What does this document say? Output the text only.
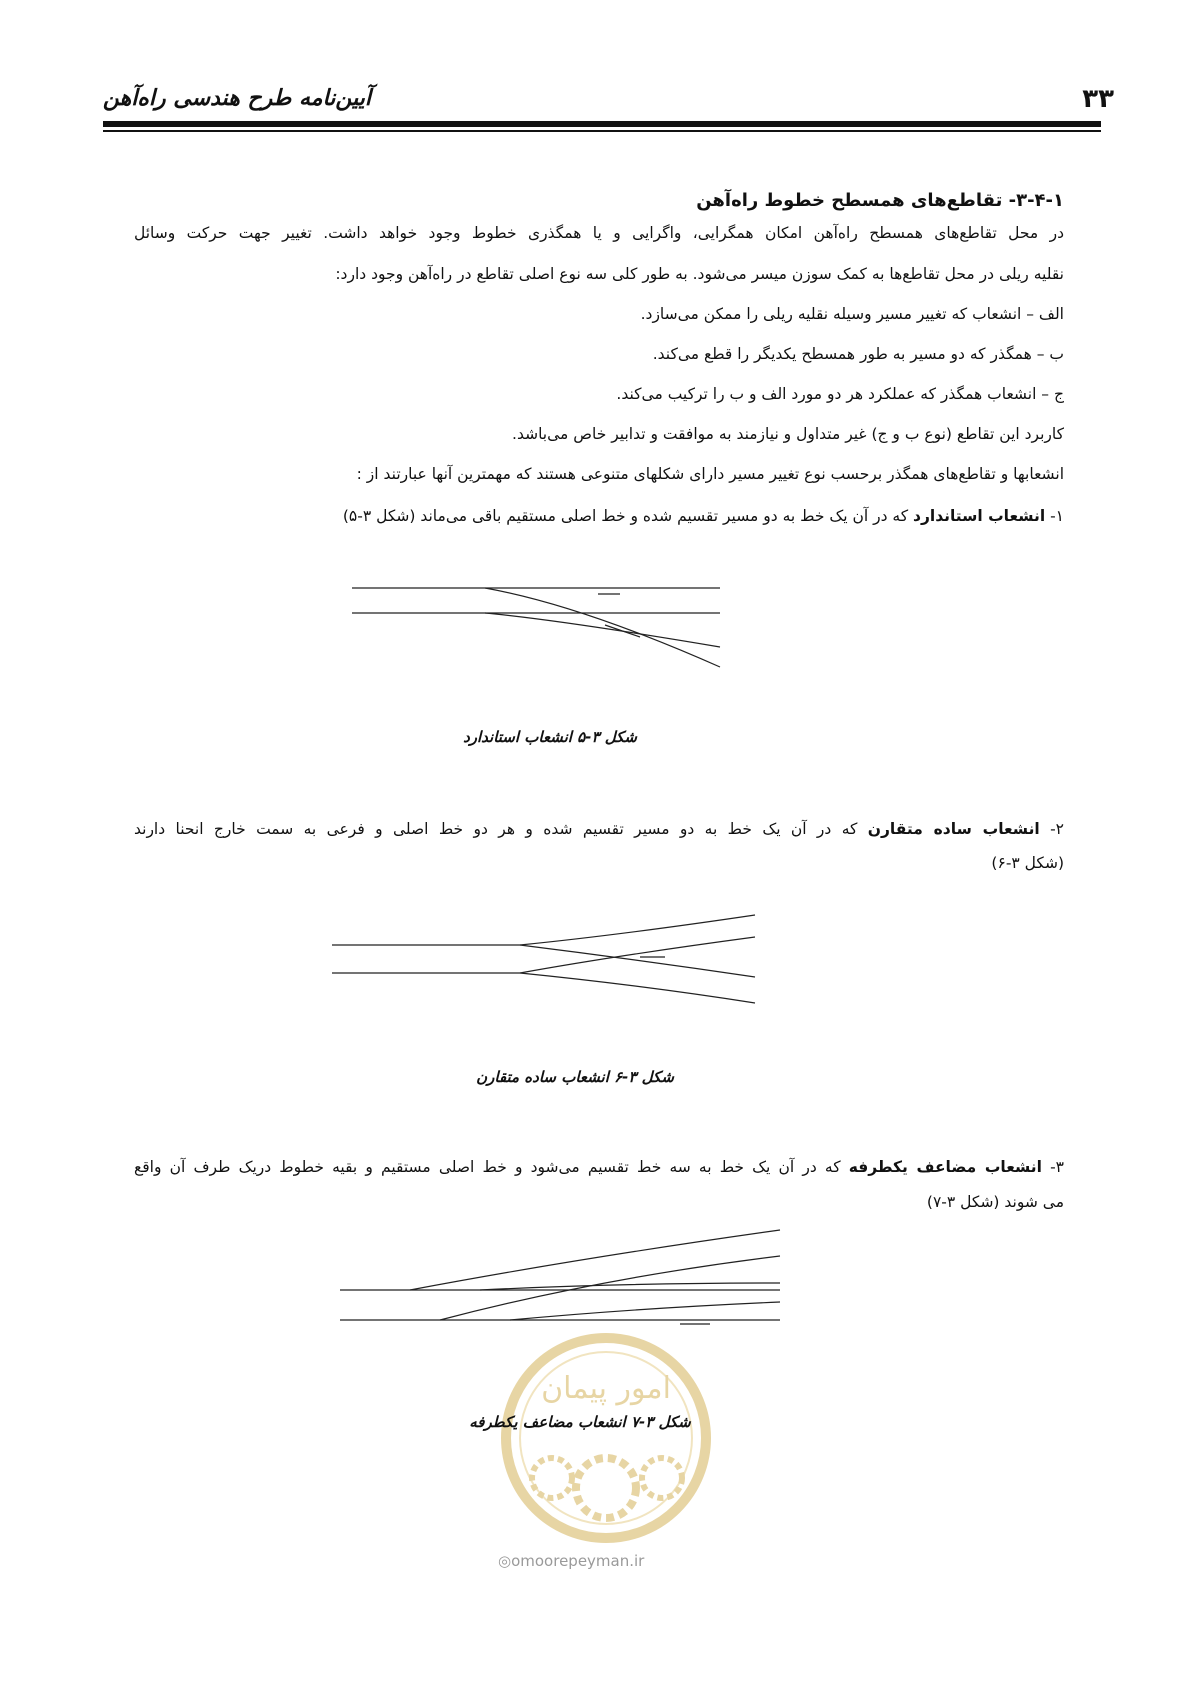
آیین‌نامه طرح هندسی راه‌آهن	۳۳
۳-۴-۱- تقاطع‌های همسطح خطوط راه‌آهن
در محل تقاطع‌های همسطح راه‌آهن امکان همگرایی، واگرایی و یا همگذری خطوط وجود خواهد داشت. تغییر جهت حرکت وسائل
نقلیه ریلی در محل تقاطع‌ها به کمک سوزن میسر می‌شود. به طور کلی سه نوع اصلی تقاطع در راه‌آهن وجود دارد:
الف – انشعاب که تغییر مسیر وسیله نقلیه ریلی را ممکن می‌سازد.
ب – همگذر که دو مسیر به طور همسطح یکدیگر را قطع می‌کند.
ج – انشعاب همگذر که عملکرد هر دو مورد الف و ب را ترکیب می‌کند.
کاربرد این تقاطع (نوع ب و ج) غیر متداول و نیازمند به موافقت و تدابیر خاص می‌باشد.
انشعابها و تقاطع‌های همگذر برحسب نوع تغییر مسیر دارای شکلهای متنوعی هستند که مهمترین آنها عبارتند از :
۱- انشعاب استاندارد که در آن یک خط به دو مسیر تقسیم شده و خط اصلی مستقیم باقی می‌ماند (شکل ۳-۵)
شکل ۳-۵ انشعاب استاندارد
۲- انشعاب ساده متقارن که در آن یک خط به دو مسیر تقسیم شده و هر دو خط اصلی و فرعی به سمت خارج انحنا دارند
(شکل ۳-۶)
شکل ۳-۶ انشعاب ساده متقارن
۳- انشعاب مضاعف یکطرفه که در آن یک خط به سه خط تقسیم می‌شود و خط اصلی مستقیم و بقیه خطوط دریک طرف آن واقع
می شوند (شکل ۳-۷)
امور پیمان
شکل ۳-۷ انشعاب مضاعف یکطرفه
◎omoorepeyman.ir
